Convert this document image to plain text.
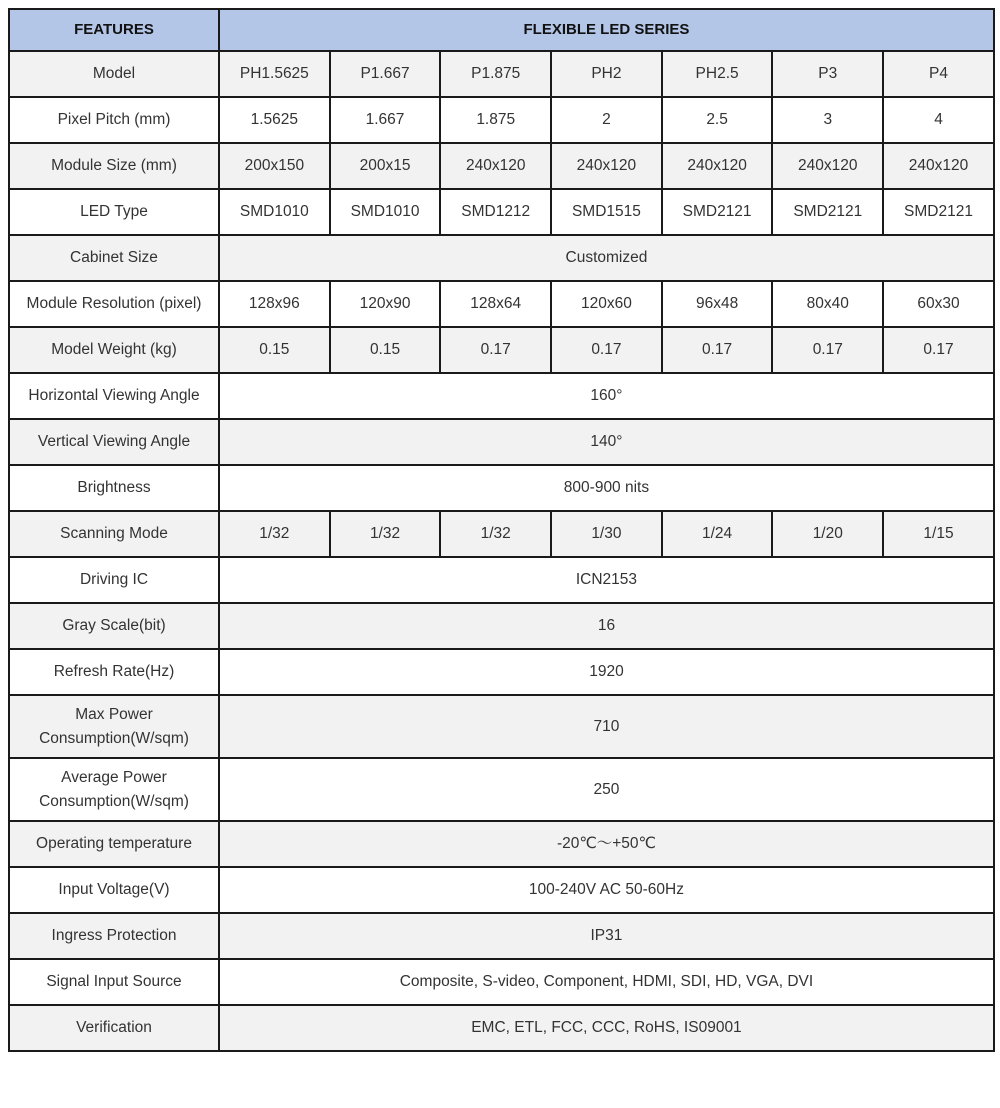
FEATURES	FLEXIBLE LED SERIES						
Model	PH1.5625	P1.667	P1.875	PH2	PH2.5	P3	P4
Pixel Pitch (mm)	1.5625	1.667	1.875	2	2.5	3	4
Module Size (mm)	200x150	200x15	240x120	240x120	240x120	240x120	240x120
LED Type	SMD1010	SMD1010	SMD1212	SMD1515	SMD2121	SMD2121	SMD2121
Cabinet Size	Customized						
Module Resolution (pixel)	128x96	120x90	128x64	120x60	96x48	80x40	60x30
Model Weight (kg)	0.15	0.15	0.17	0.17	0.17	0.17	0.17
Horizontal Viewing Angle	160°						
Vertical Viewing Angle	140°						
Brightness	800-900 nits						
Scanning Mode	1/32	1/32	1/32	1/30	1/24	1/20	1/15
Driving IC	ICN2153						
Gray Scale(bit)	16						
Refresh Rate(Hz)	1920						
Max Power Consumption(W/sqm)	710						
Average Power Consumption(W/sqm)	250						
Operating temperature	-20℃～+50℃						
Input Voltage(V)	100-240V AC 50-60Hz						
Ingress Protection	IP31						
Signal Input Source	Composite, S-video, Component, HDMI, SDI, HD, VGA, DVI						
Verification	EMC, ETL, FCC, CCC, RoHS, IS09001						
